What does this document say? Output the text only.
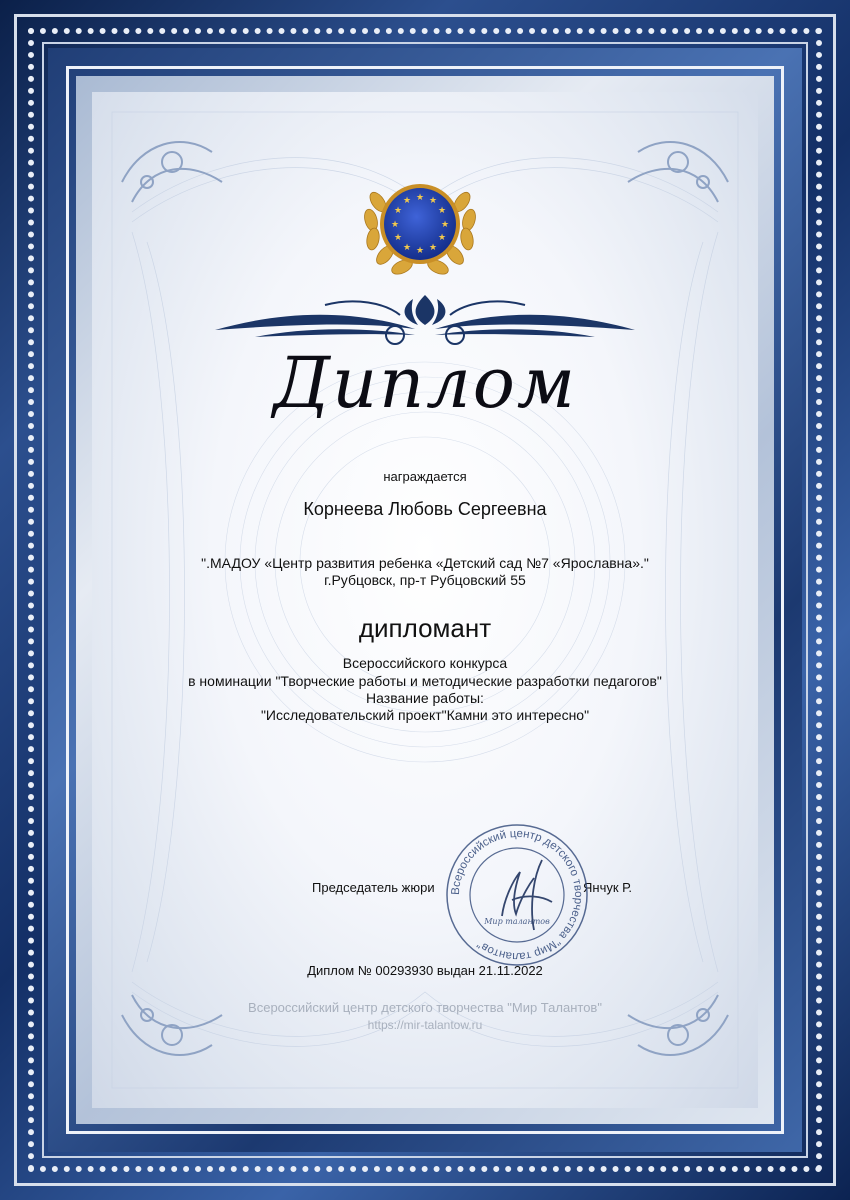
★ ★
★
★
★
★
★
★
★
★
★
★
Диплом
награждается
Корнеева Любовь Сергеевна
".МАДОУ «Центр развития ребенка «Детский сад №7 «Ярославна»."
г.Рубцовск, пр-т Рубцовский 55
дипломант
Всероссийского конкурса
в номинации "Творческие работы и методические разработки педагогов"
Название работы:
"Исследовательский проект"Камни это интересно"
Председатель жюри	Янчук Р.
Всероссийский центр детского творчества "Мир талантов"
Мир талантов
Диплом № 00293930 выдан 21.11.2022
Всероссийский центр детского творчества "Мир Талантов"
https://mir-talantow.ru
